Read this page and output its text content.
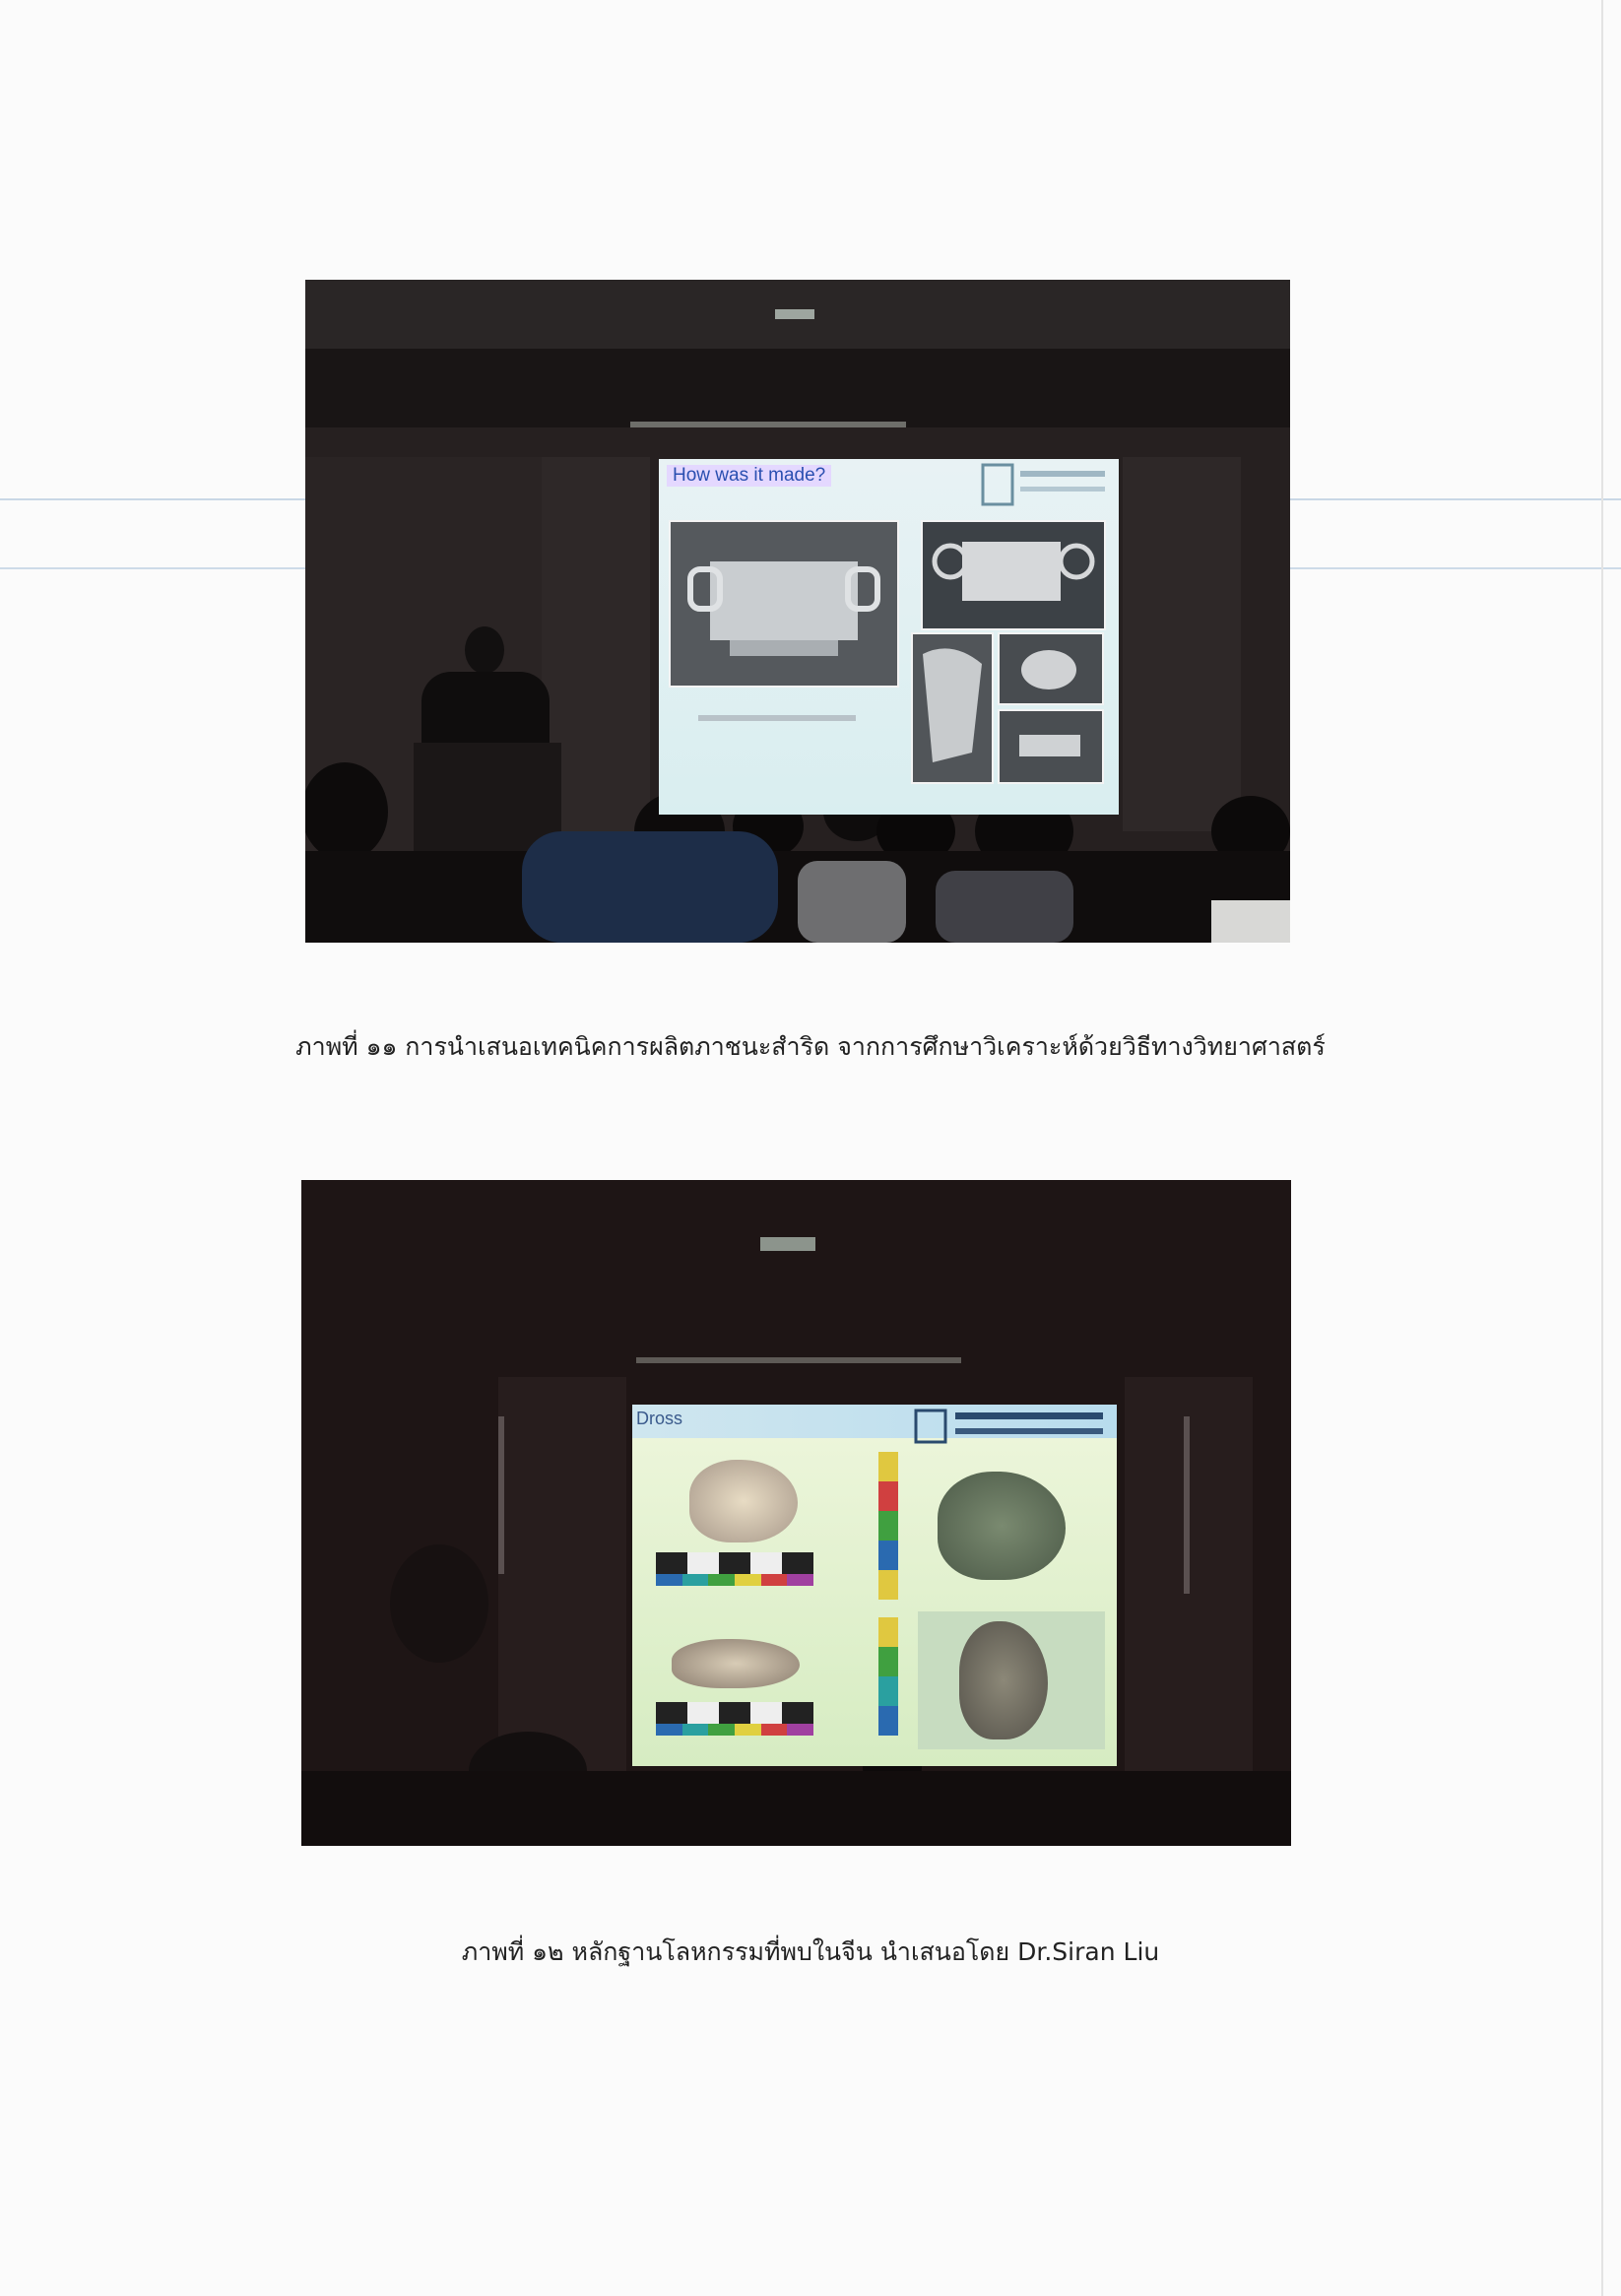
How was it made?
ภาพที่ ๑๑ การนำเสนอเทคนิคการผลิตภาชนะสำริด จากการศึกษาวิเคราะห์ด้วยวิธีทางวิทยาศาสตร์
Dross
ภาพที่ ๑๒ หลักฐานโลหกรรมที่พบในจีน นำเสนอโดย Dr.Siran Liu
